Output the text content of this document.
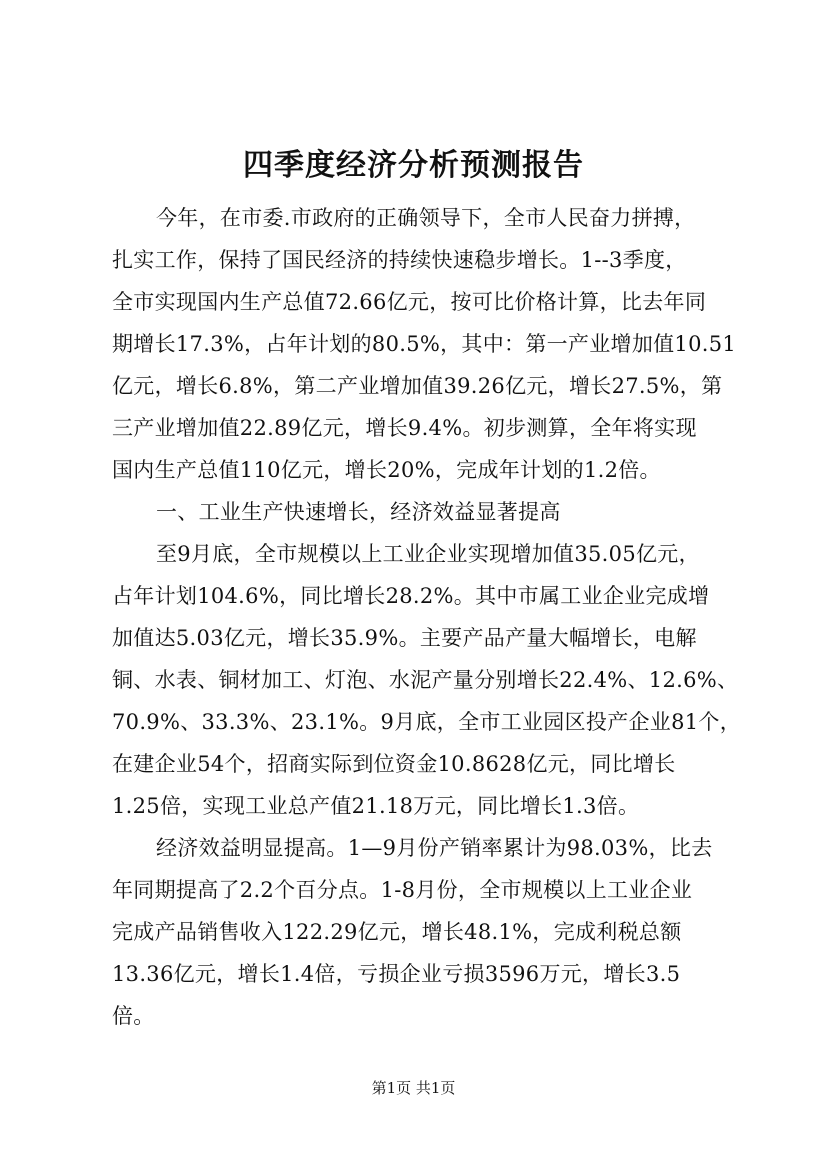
四季度经济分析预测报告
今年，在市委.市政府的正确领导下，全市人民奋力拼搏，
扎实工作，保持了国民经济的持续快速稳步增长。1--3季度，
全市实现国内生产总值72.66亿元，按可比价格计算，比去年同
期增长17.3%，占年计划的80.5%，其中：第一产业增加值10.51
亿元，增长6.8%，第二产业增加值39.26亿元，增长27.5%，第
三产业增加值22.89亿元，增长9.4%。初步测算，全年将实现
国内生产总值110亿元，增长20%，完成年计划的1.2倍。
一、工业生产快速增长，经济效益显著提高
至9月底，全市规模以上工业企业实现增加值35.05亿元，
占年计划104.6%，同比增长28.2%。其中市属工业企业完成增
加值达5.03亿元，增长35.9%。主要产品产量大幅增长，电解
铜、水表、铜材加工、灯泡、水泥产量分别增长22.4%、12.6%、
70.9%、33.3%、23.1%。9月底，全市工业园区投产企业81个，
在建企业54个，招商实际到位资金10.8628亿元，同比增长
1.25倍，实现工业总产值21.18万元，同比增长1.3倍。
经济效益明显提高。1—9月份产销率累计为98.03%，比去
年同期提高了2.2个百分点。1-8月份，全市规模以上工业企业
完成产品销售收入122.29亿元，增长48.1%，完成利税总额
13.36亿元，增长1.4倍，亏损企业亏损3596万元，增长3.5
倍。
第1页 共1页
